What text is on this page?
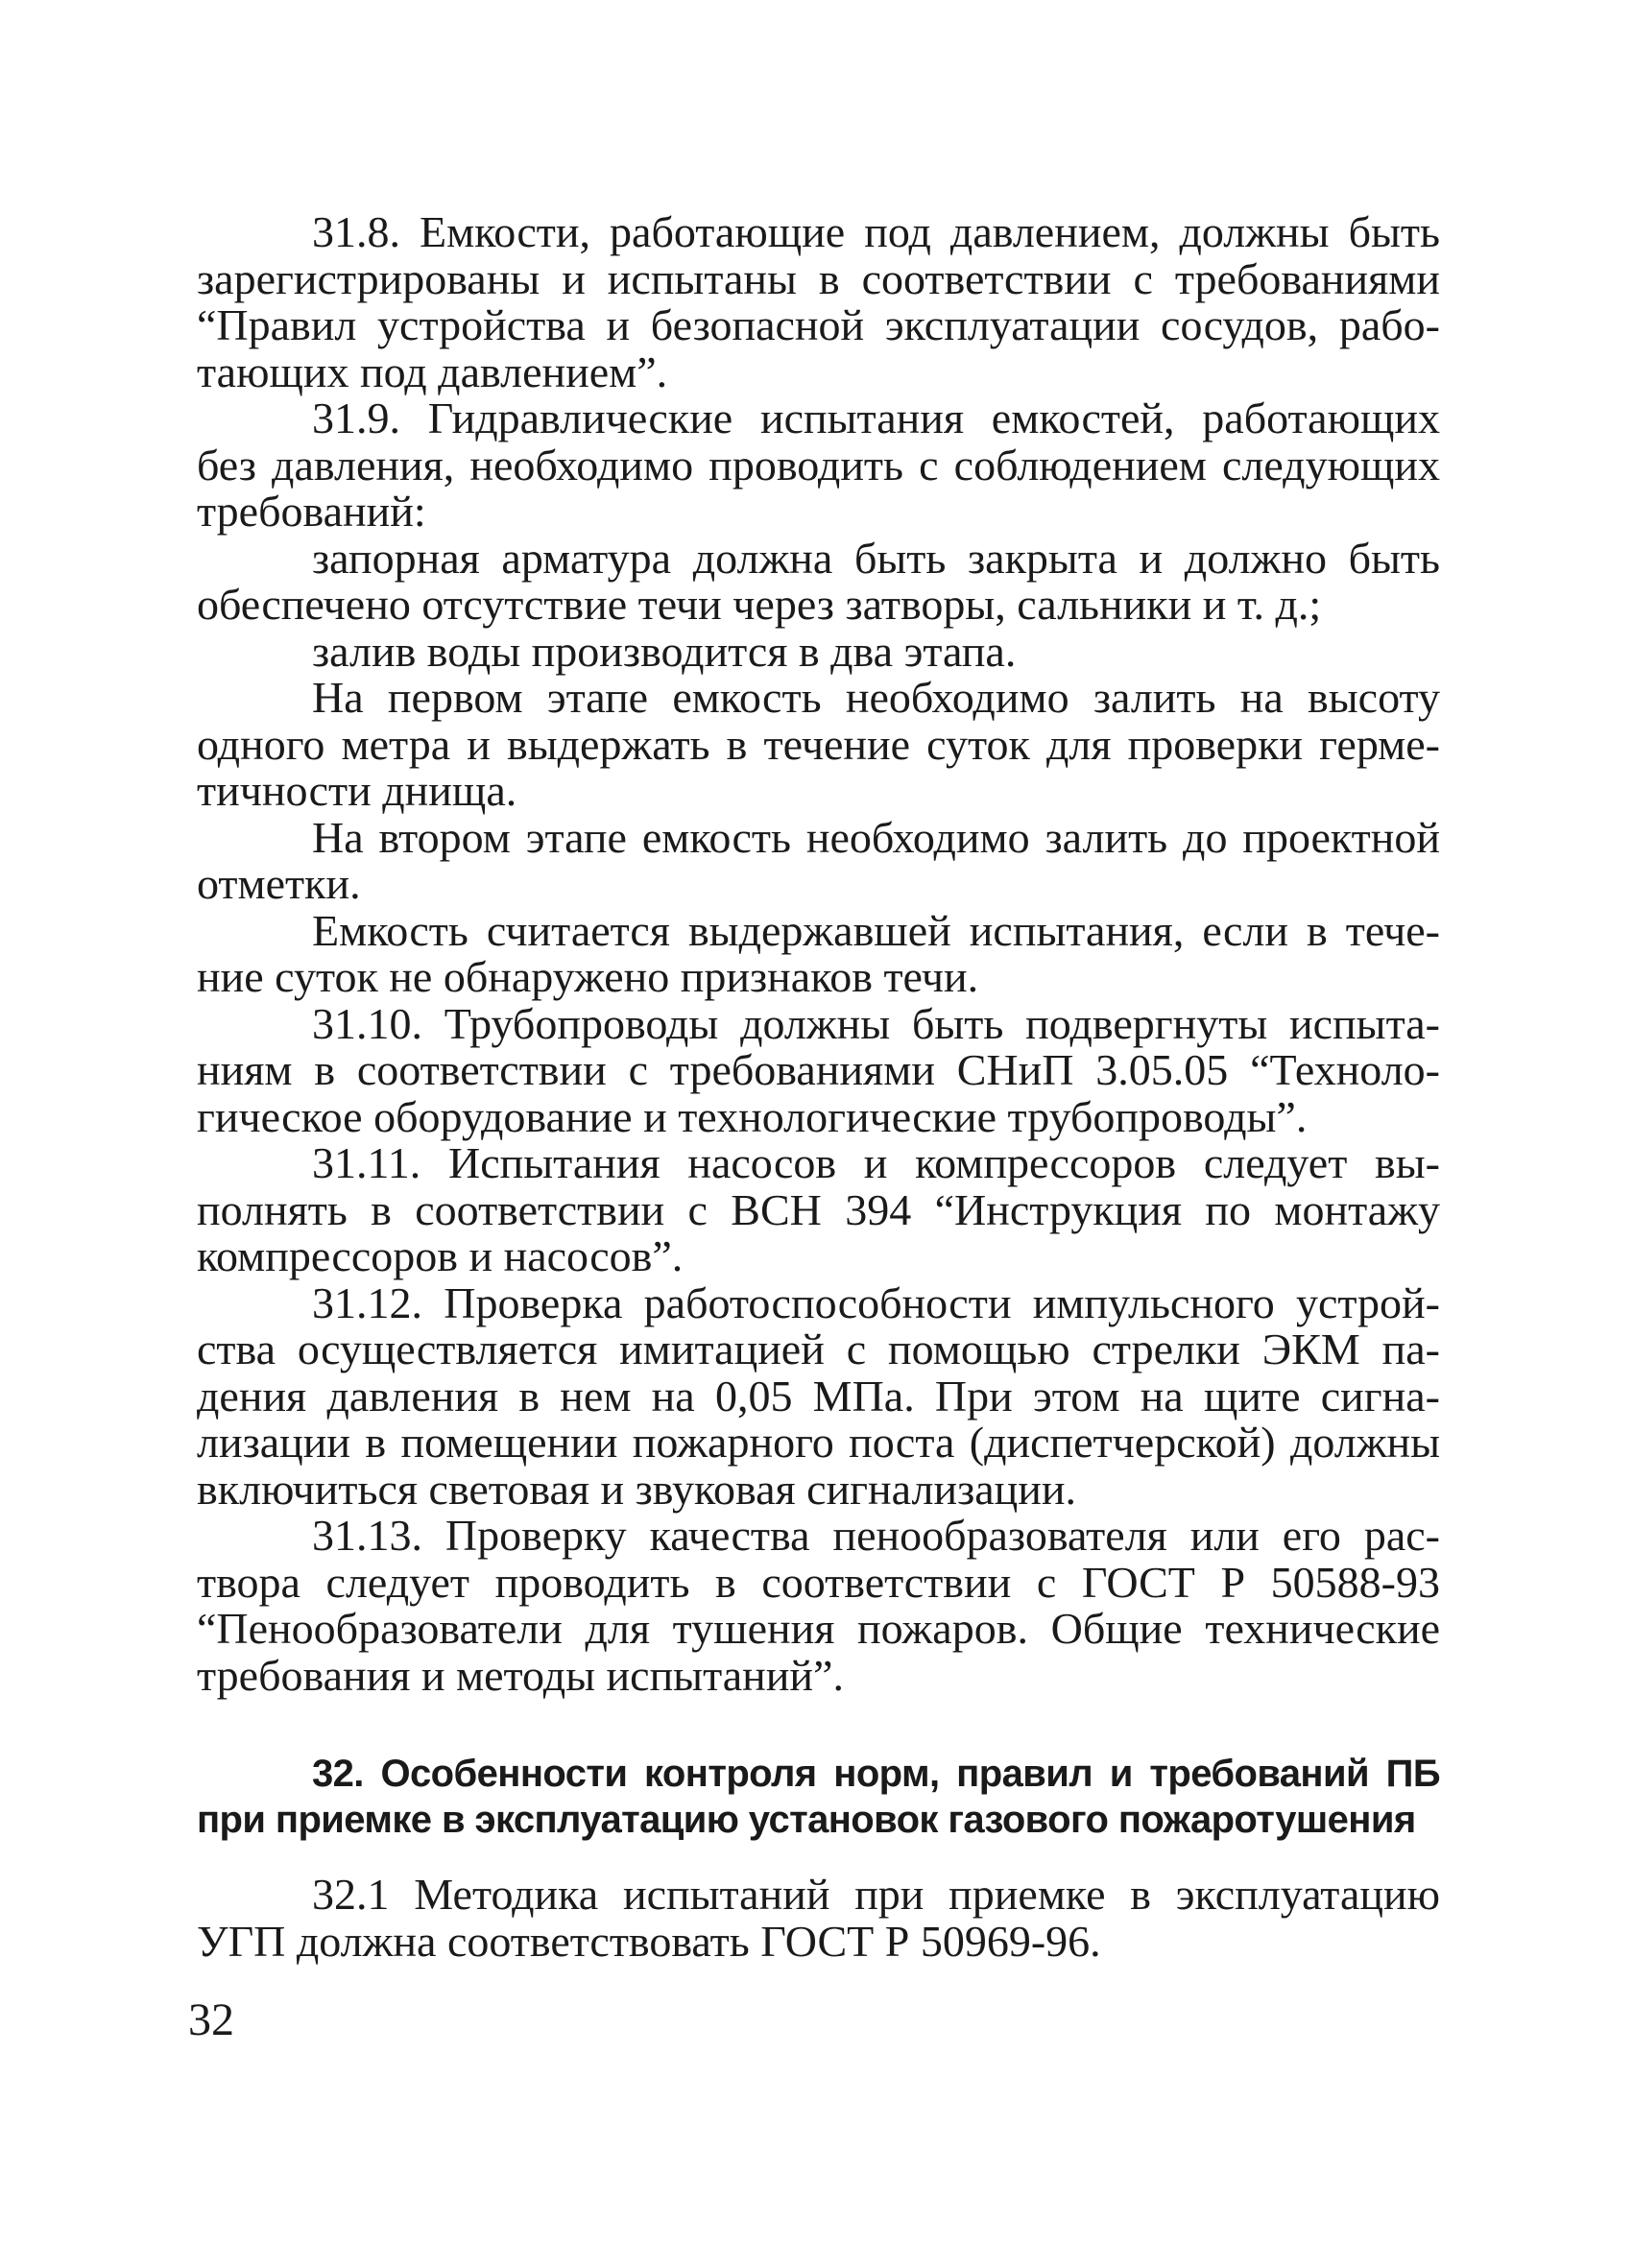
31.8. Емкости, работающие под давлением, должны быть зарегистрированы и испытаны в соответствии с требованиями “Правил устройства и безопасной эксплуатации сосудов, работающих под давлением”.

31.9. Гидравлические испытания емкостей, работающих без давления, необходимо проводить с соблюдением следующих требований:

запорная арматура должна быть закрыта и должно быть обеспечено отсутствие течи через затворы, сальники и т. д.;

залив воды производится в два этапа.

На первом этапе емкость необходимо залить на высоту одного метра и выдержать в течение суток для проверки герметичности днища.

На втором этапе емкость необходимо залить до проектной отметки.

Емкость считается выдержавшей испытания, если в течение суток не обнаружено признаков течи.

31.10. Трубопроводы должны быть подвергнуты испытаниям в соответствии с требованиями СНиП 3.05.05 “Технологическое оборудование и технологические трубопроводы”.

31.11. Испытания насосов и компрессоров следует выполнять в соответствии с ВСН 394 “Инструкция по монтажу компрессоров и насосов”.

31.12. Проверка работоспособности импульсного устройства осуществляется имитацией с помощью стрелки ЭКМ падения давления в нем на 0,05 МПа. При этом на щите сигнализации в помещении пожарного поста (диспетчерской) должны включиться световая и звуковая сигнализации.

31.13. Проверку качества пенообразователя или его раствора следует проводить в соответствии с ГОСТ Р 50588-93 “Пенообразователи для тушения пожаров. Общие технические требования и методы испытаний”.

32. Особенности контроля норм, правил и требований ПБ при приемке в эксплуатацию установок газового пожаротушения

32.1 Методика испытаний при приемке в эксплуатацию УГП должна соответствовать ГОСТ Р 50969-96.

32
